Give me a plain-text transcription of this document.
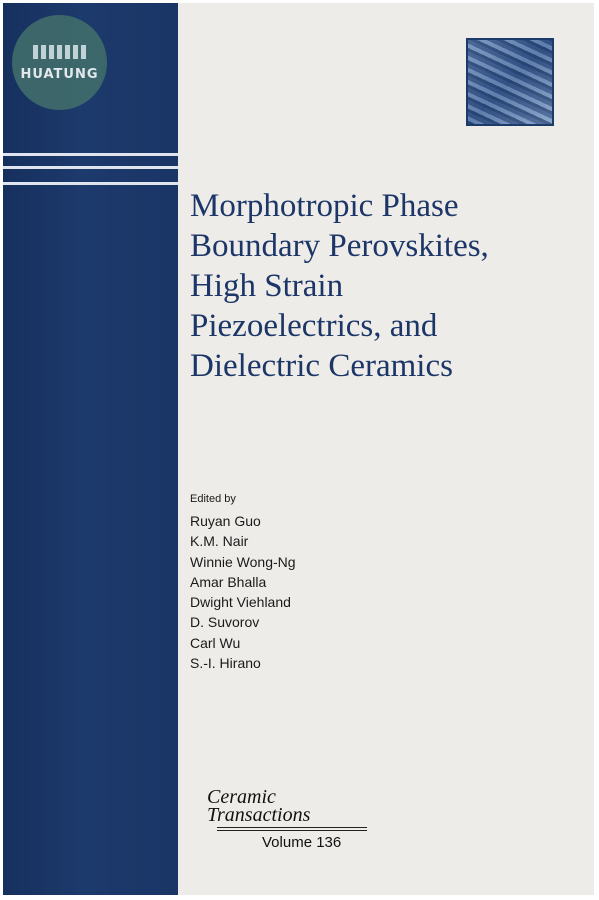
HUATUNG
Morphotropic Phase
Boundary Perovskites,
High Strain
Piezoelectrics, and
Dielectric Ceramics

Edited by

Ruyan Guo
K.M. Nair
Winnie Wong-Ng
Amar Bhalla
Dwight Viehland
D. Suvorov
Carl Wu
S.-I. Hirano
Ceramic
Transactions
Volume 136
